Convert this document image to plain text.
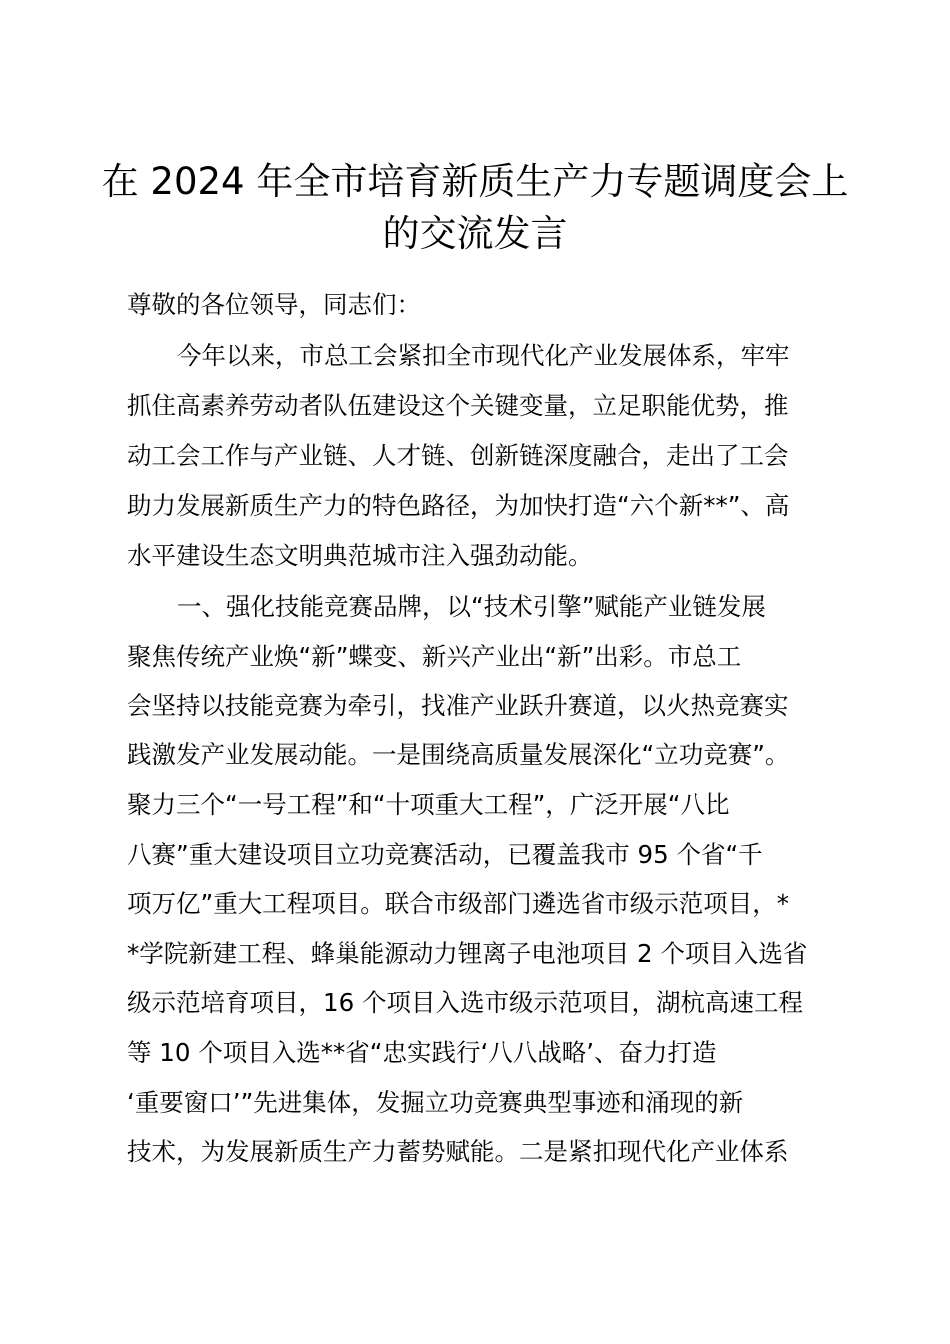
在 2024 年全市培育新质生产力专题调度会上
的交流发言

尊敬的各位领导，同志们：

今年以来，市总工会紧扣全市现代化产业发展体系，牢牢

抓住高素养劳动者队伍建设这个关键变量，立足职能优势，推

动工会工作与产业链、人才链、创新链深度融合，走出了工会

助力发展新质生产力的特色路径，为加快打造“六个新**”、高

水平建设生态文明典范城市注入强劲动能。

一、强化技能竞赛品牌，以“技术引擎”赋能产业链发展

聚焦传统产业焕“新”蝶变、新兴产业出“新”出彩。市总工

会坚持以技能竞赛为牵引，找准产业跃升赛道，以火热竞赛实

践激发产业发展动能。一是围绕高质量发展深化“立功竞赛”。

聚力三个“一号工程”和“十项重大工程”，广泛开展“八比

八赛”重大建设项目立功竞赛活动，已覆盖我市 95 个省“千

项万亿”重大工程项目。联合市级部门遴选省市级示范项目，*

*学院新建工程、蜂巢能源动力锂离子电池项目 2 个项目入选省

级示范培育项目，16 个项目入选市级示范项目，湖杭高速工程

等 10 个项目入选**省“忠实践行‘八八战略’、奋力打造

‘重要窗口’”先进集体，发掘立功竞赛典型事迹和涌现的新

技术，为发展新质生产力蓄势赋能。二是紧扣现代化产业体系
